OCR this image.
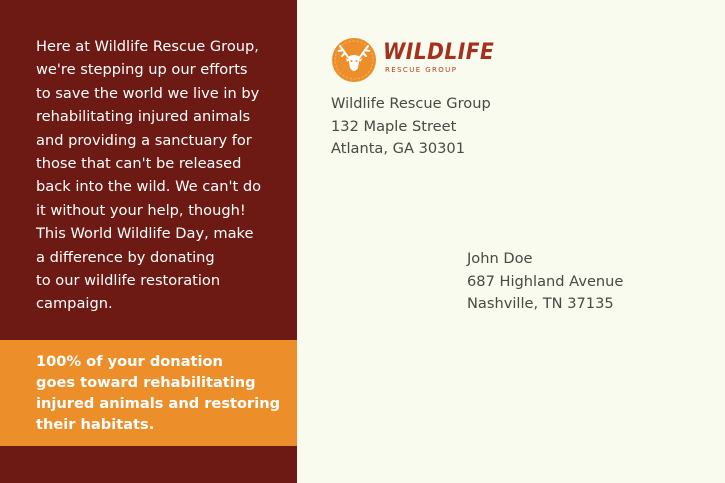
Here at Wildlife Rescue Group,
we're stepping up our efforts
to save the world we live in by
rehabilitating injured animals
and providing a sanctuary for
those that can't be released
back into the wild. We can't do
it without your help, though!
This World Wildlife Day, make
a difference by donating
to our wildlife restoration
campaign.

100% of your donation
goes toward rehabilitating
injured animals and restoring
their habitats.

WILDLIFE
RESCUE GROUP

Wildlife Rescue Group
132 Maple Street
Atlanta, GA 30301

John Doe
687 Highland Avenue
Nashville, TN 37135
